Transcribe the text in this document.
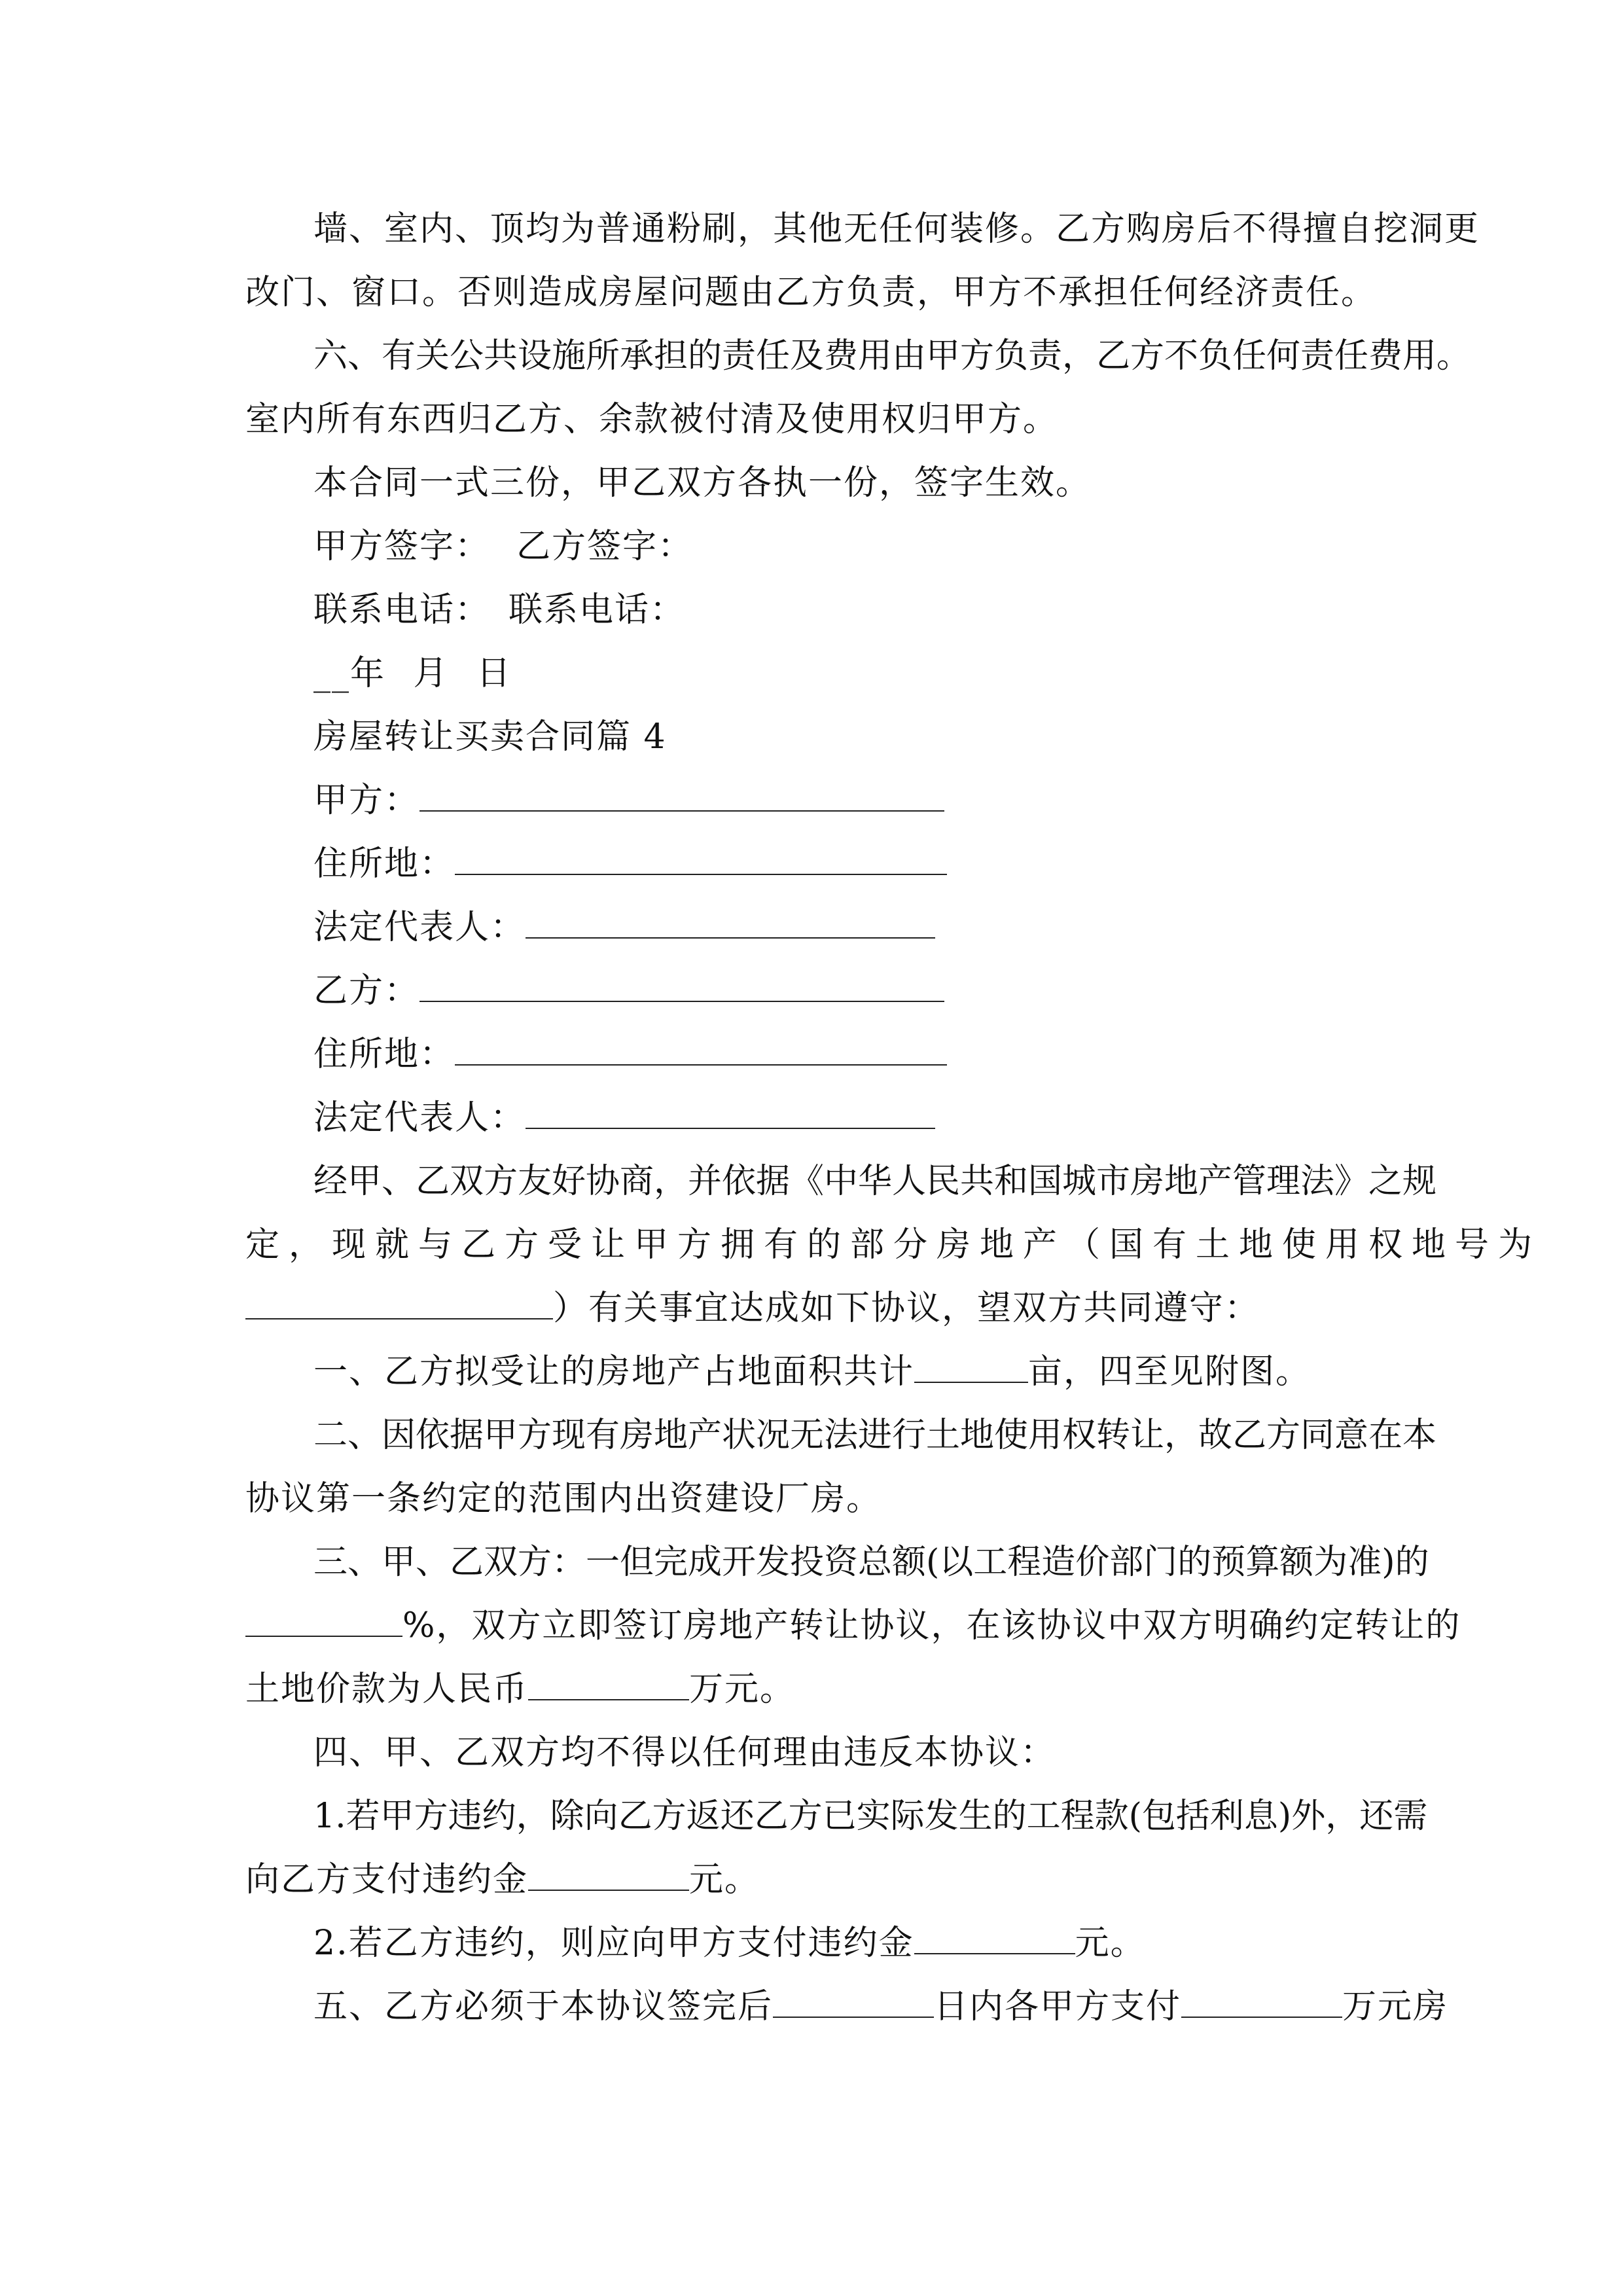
墙、室内、顶均为普通粉刷，其他无任何装修。乙方购房后不得擅自挖洞更
改门、窗口。否则造成房屋问题由乙方负责，甲方不承担任何经济责任。
六、有关公共设施所承担的责任及费用由甲方负责，乙方不负任何责任费用。
室内所有东西归乙方、余款被付清及使用权归甲方。
本合同一式三份，甲乙双方各执一份，签字生效。
甲方签字： 乙方签字：
联系电话： 联系电话：
__年 月 日
房屋转让买卖合同篇 4
甲方：
住所地：
法定代表人：
乙方：
住所地：
法定代表人：
经甲、乙双方友好协商，并依据《中华人民共和国城市房地产管理法》之规
定，现就与乙方受让甲方拥有的部分房地产（国有土地使用权地号为
）有关事宜达成如下协议，望双方共同遵守：
一、乙方拟受让的房地产占地面积共计	亩，四至见附图。
二、因依据甲方现有房地产状况无法进行土地使用权转让，故乙方同意在本
协议第一条约定的范围内出资建设厂房。
三、甲、乙双方：一但完成开发投资总额(以工程造价部门的预算额为准)的
%，双方立即签订房地产转让协议，在该协议中双方明确约定转让的
土地价款为人民币	万元。
四、甲、乙双方均不得以任何理由违反本协议：
1.若甲方违约，除向乙方返还乙方已实际发生的工程款(包括利息)外，还需
向乙方支付违约金	元。
2.若乙方违约，则应向甲方支付违约金	元。
五、乙方必须于本协议签完后	日内各甲方支付	万元房
